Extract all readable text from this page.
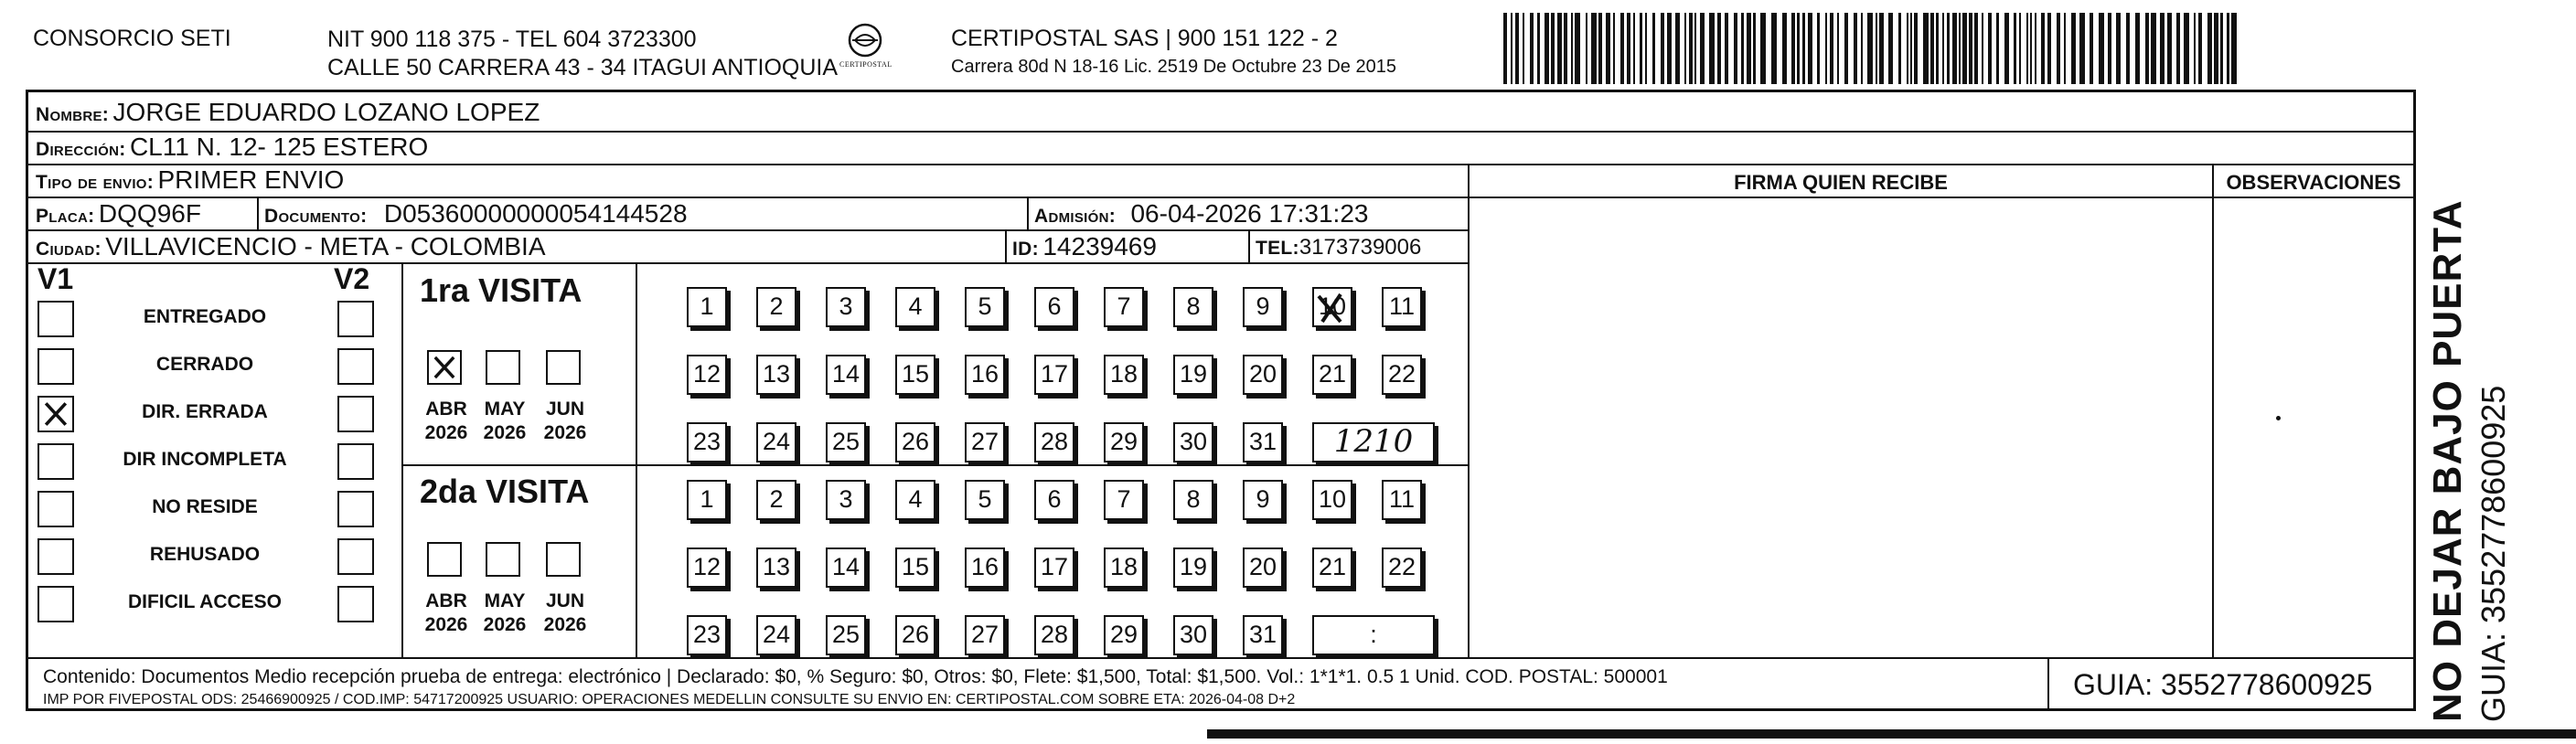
CONSORCIO SETI	NIT 900 118 375 - TEL 604 3723300
CALLE 50 CARRERA 43 - 34 ITAGUI ANTIOQUIA CERTIPOSTAL
CERTIPOSTAL SAS | 900 151 122 - 2
Carrera 80d N 18-16 Lic. 2519 De Octubre 23 De 2015
Nombre: JORGE EDUARDO LOZANO LOPEZ
Dirección: CL11 N. 12- 125 ESTERO
Tipo de envio: PRIMER ENVIO	FIRMA QUIEN RECIBE	OBSERVACIONES
Placa: DQQ96F	Documento: D05360000000054144528	Admisión: 06-04-2026 17:31:23
Ciudad: VILLAVICENCIO - META - COLOMBIA	ID: 14239469	TEL:3173739006
V1	V2
ENTREGADO
CERRADO
DIR. ERRADA
DIR INCOMPLETA
NO RESIDE
REHUSADO
DIFICIL ACCESO
1ra VISITA
ABR
2026
MAY
2026
JUN
2026
1	2	3	4	5	6	7	8	9	10 11
12 13 14 15 16 17 18 19 20 21 22
23 24 25 26 27 28 29 30 31	1210
2da VISITA
ABR
2026
MAY
2026
JUN
2026
1	2	3	4	5	6	7	8	9	10 11
12 13 14 15 16 17 18 19 20 21 22
23 24 25 26 27 28 29 30 31	:
Contenido: Documentos Medio recepción prueba de entrega: electrónico | Declarado: $0, % Seguro: $0, Otros: $0, Flete: $1,500, Total: $1,500. Vol.: 1*1*1. 0.5 1 Unid. COD. POSTAL: 500001
IMP POR FIVEPOSTAL ODS: 25466900925 / COD.IMP: 54717200925 USUARIO: OPERACIONES MEDELLIN CONSULTE SU ENVIO EN: CERTIPOSTAL.COM SOBRE ETA: 2026-04-08 D+2	GUIA: 3552778600925 NO DEJAR BAJO PUERTA GUIA: 3552778600925
